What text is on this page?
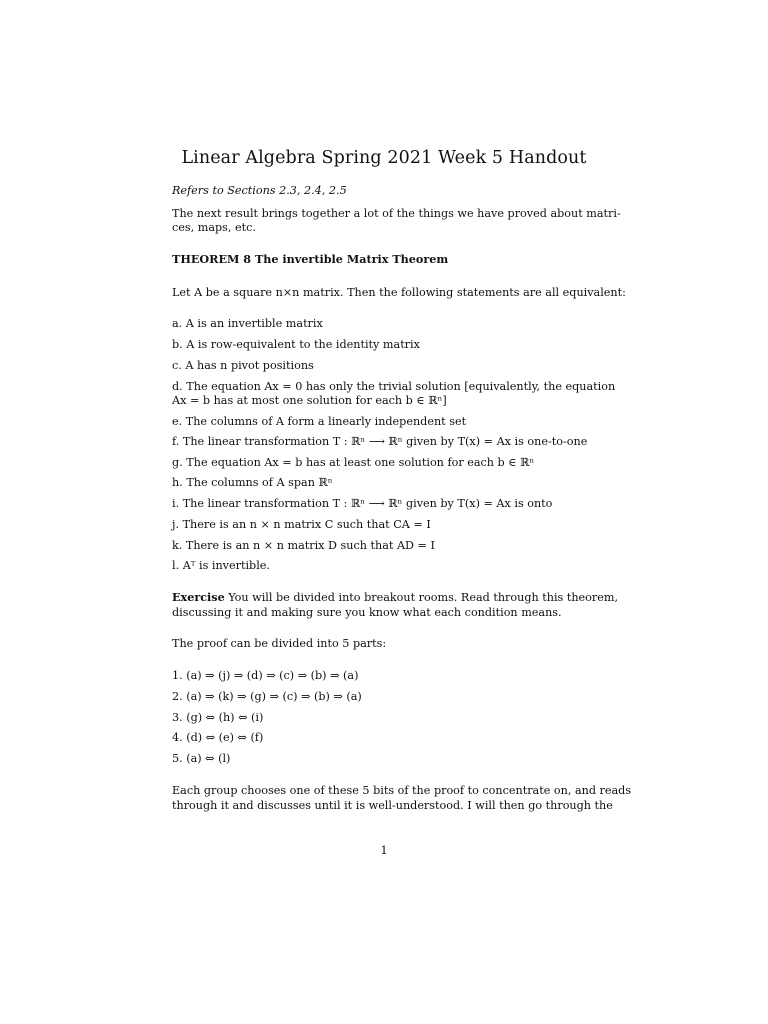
Linear Algebra Spring 2021 Week 5 Handout
Refers to Sections 2.3, 2.4, 2.5
The next result brings together a lot of the things we have proved about matri-
ces, maps, etc.
THEOREM 8 The invertible Matrix Theorem
Let A be a square n×n matrix. Then the following statements are all equivalent:
a. A is an invertible matrix
b. A is row-equivalent to the identity matrix
c. A has n pivot positions
d. The equation Ax = 0 has only the trivial solution [equivalently, the equation
Ax = b has at most one solution for each b ∈ ℝⁿ]
e. The columns of A form a linearly independent set
f. The linear transformation T : ℝⁿ ⟶ ℝⁿ given by T(x) = Ax is one-to-one
g. The equation Ax = b has at least one solution for each b ∈ ℝⁿ
h. The columns of A span ℝⁿ
i. The linear transformation T : ℝⁿ ⟶ ℝⁿ given by T(x) = Ax is onto
j. There is an n × n matrix C such that CA = I
k. There is an n × n matrix D such that AD = I
l. Aᵀ is invertible.
Exercise You will be divided into breakout rooms. Read through this theorem,
discussing it and making sure you know what each condition means.
The proof can be divided into 5 parts:
1. (a) ⇒ (j) ⇒ (d) ⇒ (c) ⇒ (b) ⇒ (a)
2. (a) ⇒ (k) ⇒ (g) ⇒ (c) ⇒ (b) ⇒ (a)
3. (g) ⇔ (h) ⇔ (i)
4. (d) ⇔ (e) ⇔ (f)
5. (a) ⇔ (l)
Each group chooses one of these 5 bits of the proof to concentrate on, and reads
through it and discusses until it is well-understood. I will then go through the
1
